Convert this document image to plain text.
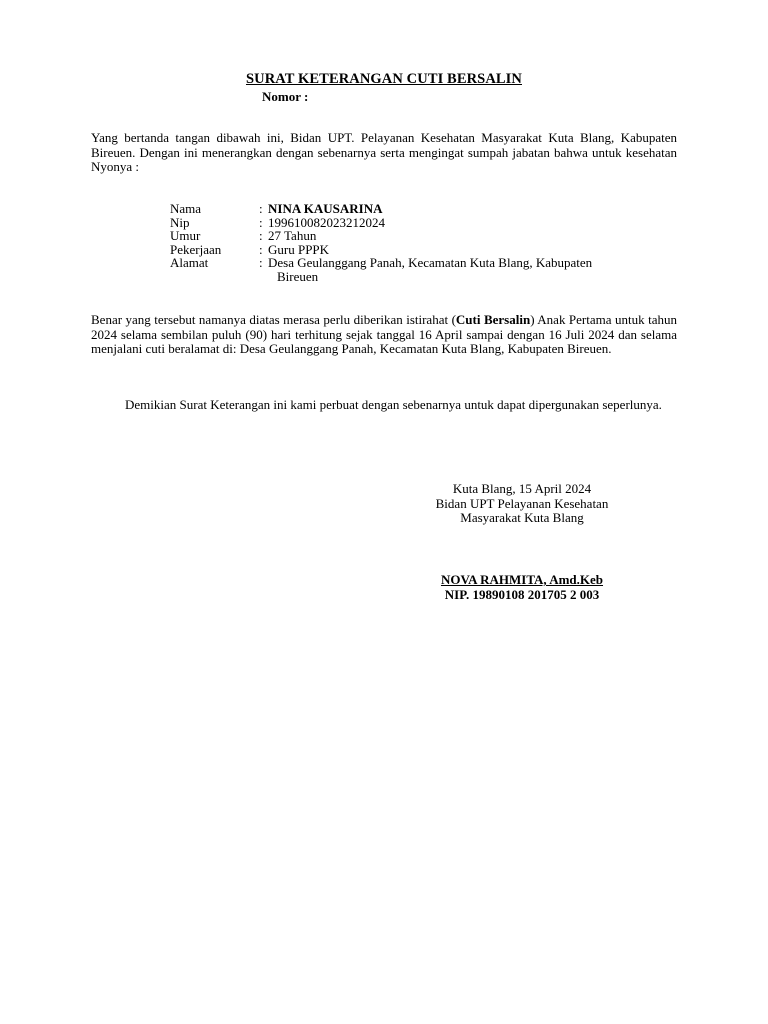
SURAT KETERANGAN CUTI BERSALIN
Nomor :
Yang bertanda tangan dibawah ini, Bidan UPT. Pelayanan Kesehatan Masyarakat Kuta Blang, Kabupaten Bireuen. Dengan ini menerangkan dengan sebenarnya serta mengingat sumpah jabatan bahwa untuk kesehatan Nyonya :
Nama	: NINA KAUSARINA
Nip	: 199610082023212024
Umur	: 27 Tahun
Pekerjaan	: Guru PPPK
Alamat	: Desa Geulanggang Panah, Kecamatan Kuta Blang, Kabupaten
Bireuen
Benar yang tersebut namanya diatas merasa perlu diberikan istirahat (Cuti Bersalin) Anak Pertama untuk tahun 2024 selama sembilan puluh (90) hari terhitung sejak tanggal 16 April sampai dengan 16 Juli 2024 dan selama menjalani cuti beralamat di: Desa Geulanggang Panah, Kecamatan Kuta Blang, Kabupaten Bireuen.
Demikian Surat Keterangan ini kami perbuat dengan sebenarnya untuk dapat dipergunakan seperlunya.
Kuta Blang, 15 April 2024
Bidan UPT Pelayanan Kesehatan
Masyarakat Kuta Blang
NOVA RAHMITA, Amd.Keb
NIP. 19890108 201705 2 003
